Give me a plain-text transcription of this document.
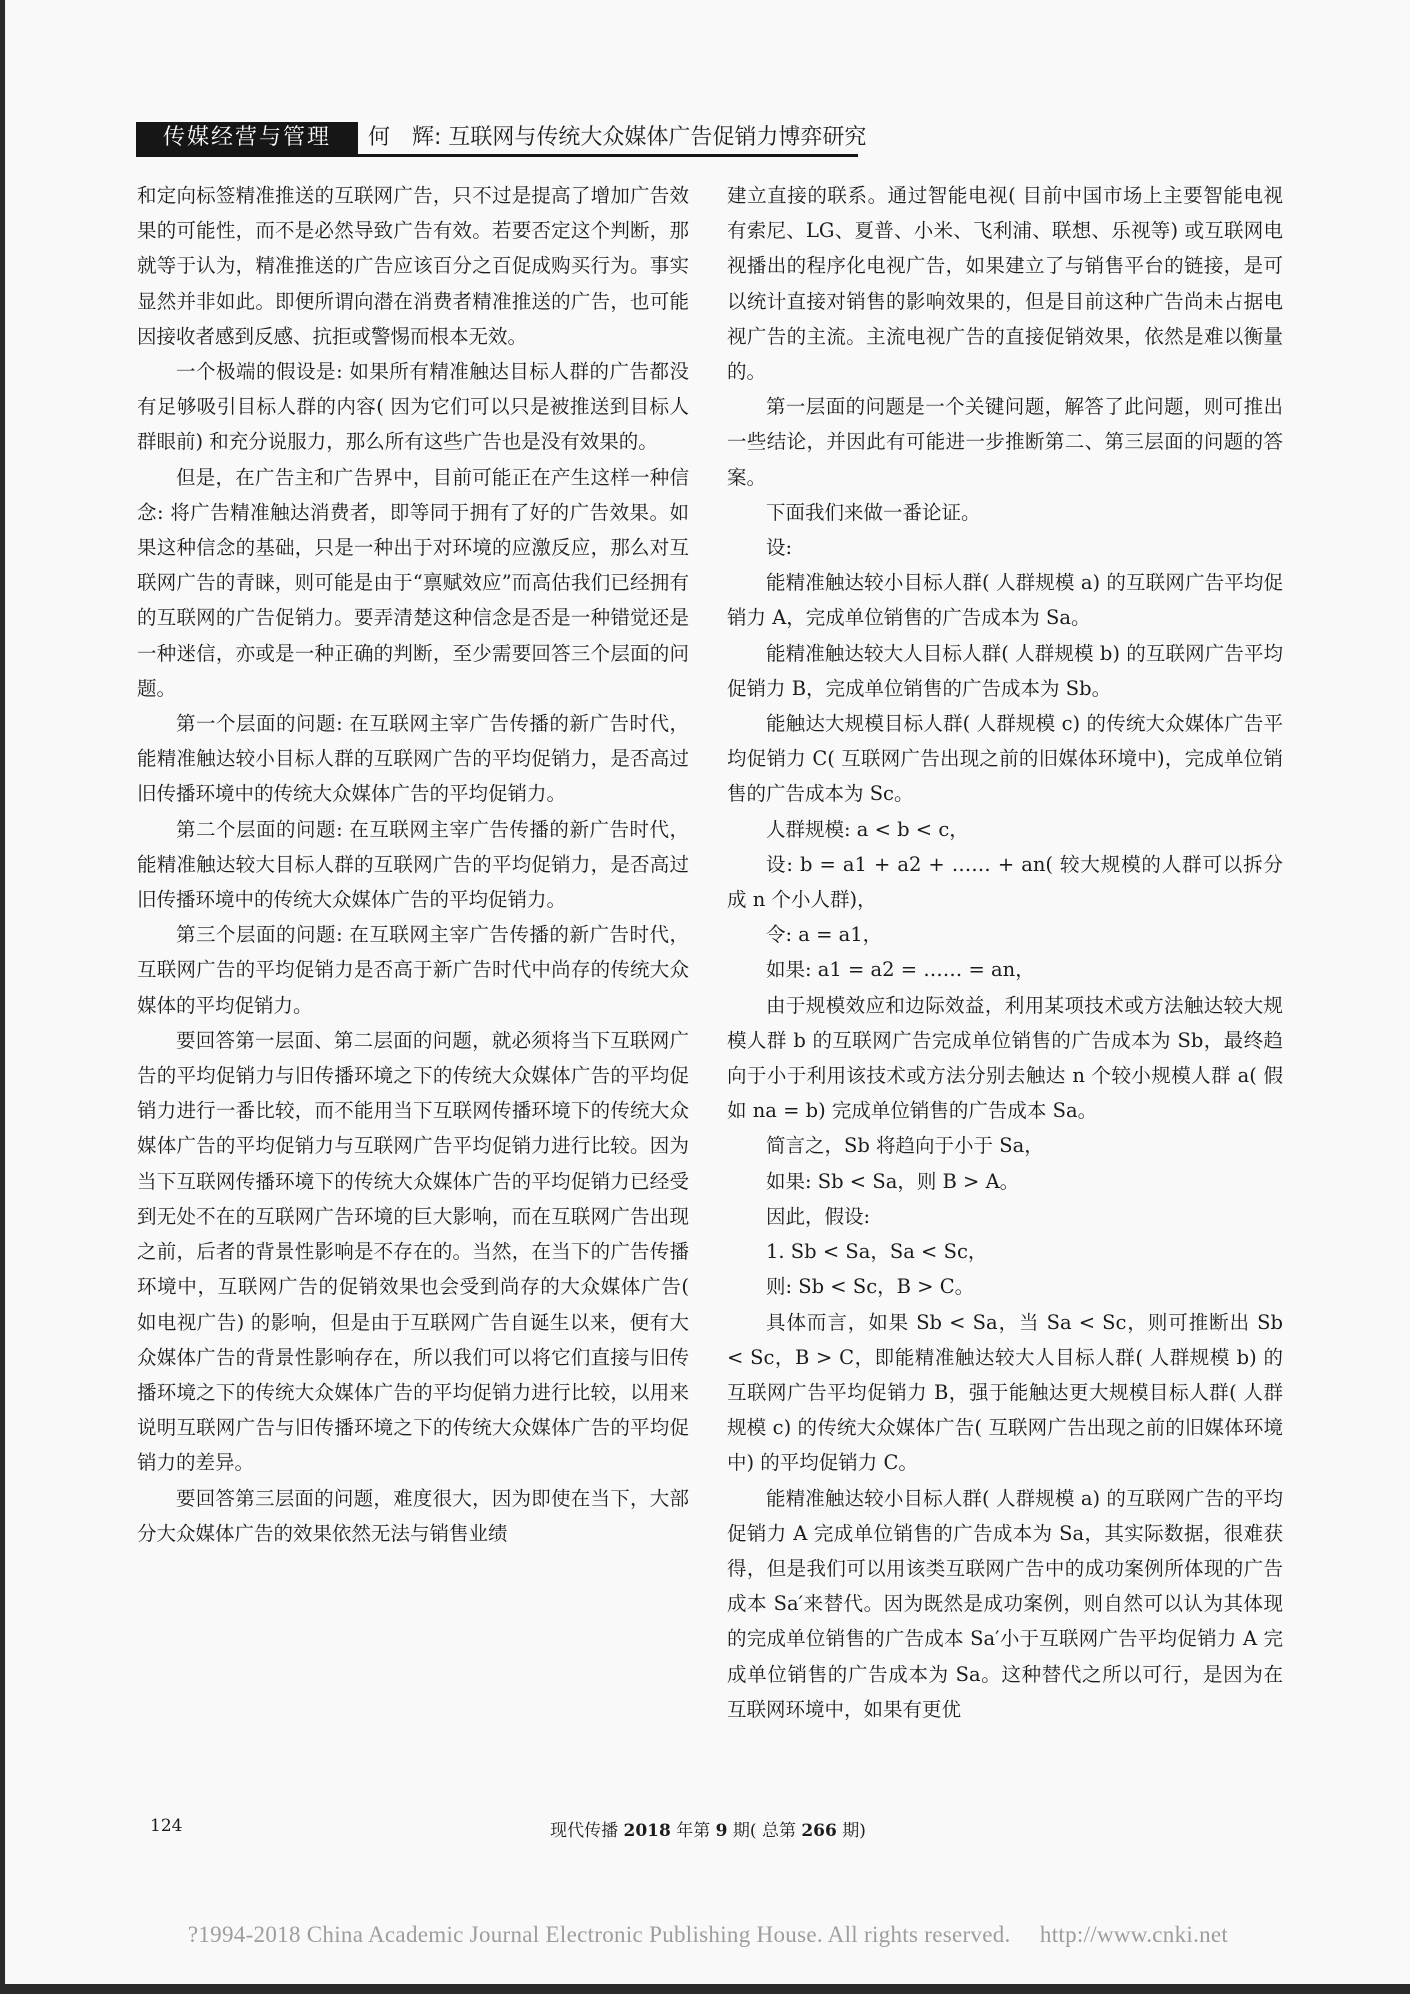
传媒经营与管理	何　辉: 互联网与传统大众媒体广告促销力博弈研究

和定向标签精准推送的互联网广告，只不过是提高了增加广告效果的可能性，而不是必然导致广告有效。若要否定这个判断，那就等于认为，精准推送的广告应该百分之百促成购买行为。事实显然并非如此。即便所谓向潜在消费者精准推送的广告，也可能因接收者感到反感、抗拒或警惕而根本无效。

一个极端的假设是: 如果所有精准触达目标人群的广告都没有足够吸引目标人群的内容( 因为它们可以只是被推送到目标人群眼前) 和充分说服力，那么所有这些广告也是没有效果的。

但是，在广告主和广告界中，目前可能正在产生这样一种信念: 将广告精准触达消费者，即等同于拥有了好的广告效果。如果这种信念的基础，只是一种出于对环境的应激反应，那么对互联网广告的青睐，则可能是由于“禀赋效应”而高估我们已经拥有的互联网的广告促销力。要弄清楚这种信念是否是一种错觉还是一种迷信，亦或是一种正确的判断，至少需要回答三个层面的问题。

第一个层面的问题: 在互联网主宰广告传播的新广告时代，能精准触达较小目标人群的互联网广告的平均促销力，是否高过旧传播环境中的传统大众媒体广告的平均促销力。

第二个层面的问题: 在互联网主宰广告传播的新广告时代，能精准触达较大目标人群的互联网广告的平均促销力，是否高过旧传播环境中的传统大众媒体广告的平均促销力。

第三个层面的问题: 在互联网主宰广告传播的新广告时代，互联网广告的平均促销力是否高于新广告时代中尚存的传统大众媒体的平均促销力。

要回答第一层面、第二层面的问题，就必须将当下互联网广告的平均促销力与旧传播环境之下的传统大众媒体广告的平均促销力进行一番比较，而不能用当下互联网传播环境下的传统大众媒体广告的平均促销力与互联网广告平均促销力进行比较。因为当下互联网传播环境下的传统大众媒体广告的平均促销力已经受到无处不在的互联网广告环境的巨大影响，而在互联网广告出现之前，后者的背景性影响是不存在的。当然，在当下的广告传播环境中，互联网广告的促销效果也会受到尚存的大众媒体广告( 如电视广告) 的影响，但是由于互联网广告自诞生以来，便有大众媒体广告的背景性影响存在，所以我们可以将它们直接与旧传播环境之下的传统大众媒体广告的平均促销力进行比较，以用来说明互联网广告与旧传播环境之下的传统大众媒体广告的平均促销力的差异。

要回答第三层面的问题，难度很大，因为即使在当下，大部分大众媒体广告的效果依然无法与销售业绩

建立直接的联系。通过智能电视( 目前中国市场上主要智能电视有索尼、LG、夏普、小米、飞利浦、联想、乐视等) 或互联网电视播出的程序化电视广告，如果建立了与销售平台的链接，是可以统计直接对销售的影响效果的，但是目前这种广告尚未占据电视广告的主流。主流电视广告的直接促销效果，依然是难以衡量的。

第一层面的问题是一个关键问题，解答了此问题，则可推出一些结论，并因此有可能进一步推断第二、第三层面的问题的答案。

下面我们来做一番论证。

设:

能精准触达较小目标人群( 人群规模 a) 的互联网广告平均促销力 A，完成单位销售的广告成本为 Sa。

能精准触达较大人目标人群( 人群规模 b) 的互联网广告平均促销力 B，完成单位销售的广告成本为 Sb。

能触达大规模目标人群( 人群规模 c) 的传统大众媒体广告平均促销力 C( 互联网广告出现之前的旧媒体环境中)，完成单位销售的广告成本为 Sc。

人群规模: a < b < c，

设: b = a1 + a2 + …… + an( 较大规模的人群可以拆分成 n 个小人群)，

令: a = a1，

如果: a1 = a2 = …… = an，

由于规模效应和边际效益，利用某项技术或方法触达较大规模人群 b 的互联网广告完成单位销售的广告成本为 Sb，最终趋向于小于利用该技术或方法分别去触达 n 个较小规模人群 a( 假如 na = b) 完成单位销售的广告成本 Sa。

简言之，Sb 将趋向于小于 Sa，

如果: Sb < Sa，则 B > A。

因此，假设:

1. Sb < Sa，Sa < Sc，

则: Sb < Sc，B > C。

具体而言，如果 Sb < Sa，当 Sa < Sc，则可推断出 Sb < Sc，B > C，即能精准触达较大人目标人群( 人群规模 b) 的互联网广告平均促销力 B，强于能触达更大规模目标人群( 人群规模 c) 的传统大众媒体广告( 互联网广告出现之前的旧媒体环境中) 的平均促销力 C。

能精准触达较小目标人群( 人群规模 a) 的互联网广告的平均促销力 A 完成单位销售的广告成本为 Sa，其实际数据，很难获得，但是我们可以用该类互联网广告中的成功案例所体现的广告成本 Sa′来替代。因为既然是成功案例，则自然可以认为其体现的完成单位销售的广告成本 Sa′小于互联网广告平均促销力 A 完成单位销售的广告成本为 Sa。这种替代之所以可行，是因为在互联网环境中，如果有更优

124	现代传播 2018 年第 9 期( 总第 266 期)
?1994-2018 China Academic Journal Electronic Publishing House. All rights reserved.　 http://www.cnki.net
